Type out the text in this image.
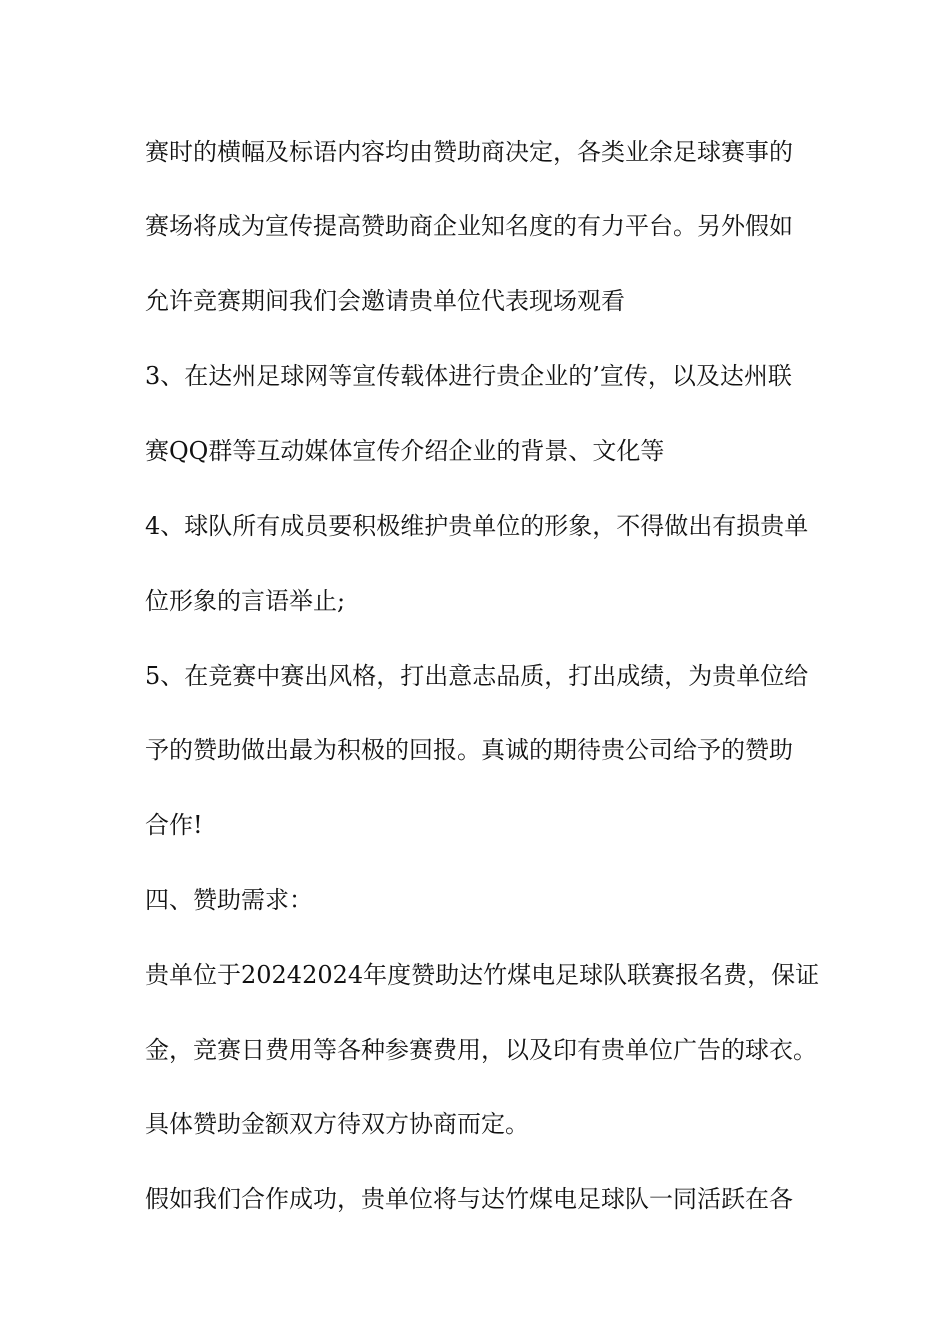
赛时的横幅及标语内容均由赞助商决定，各类业余足球赛事的
赛场将成为宣传提高赞助商企业知名度的有力平台。另外假如
允许竞赛期间我们会邀请贵单位代表现场观看
3、在达州足球网等宣传载体进行贵企业的’宣传，以及达州联
赛QQ群等互动媒体宣传介绍企业的背景、文化等
4、球队所有成员要积极维护贵单位的形象，不得做出有损贵单
位形象的言语举止;
5、在竞赛中赛出风格，打出意志品质，打出成绩，为贵单位给
予的赞助做出最为积极的回报。真诚的期待贵公司给予的赞助
合作!
四、赞助需求：
贵单位于20242024年度赞助达竹煤电足球队联赛报名费，保证
金，竞赛日费用等各种参赛费用，以及印有贵单位广告的球衣。
具体赞助金额双方待双方协商而定。
假如我们合作成功，贵单位将与达竹煤电足球队一同活跃在各
